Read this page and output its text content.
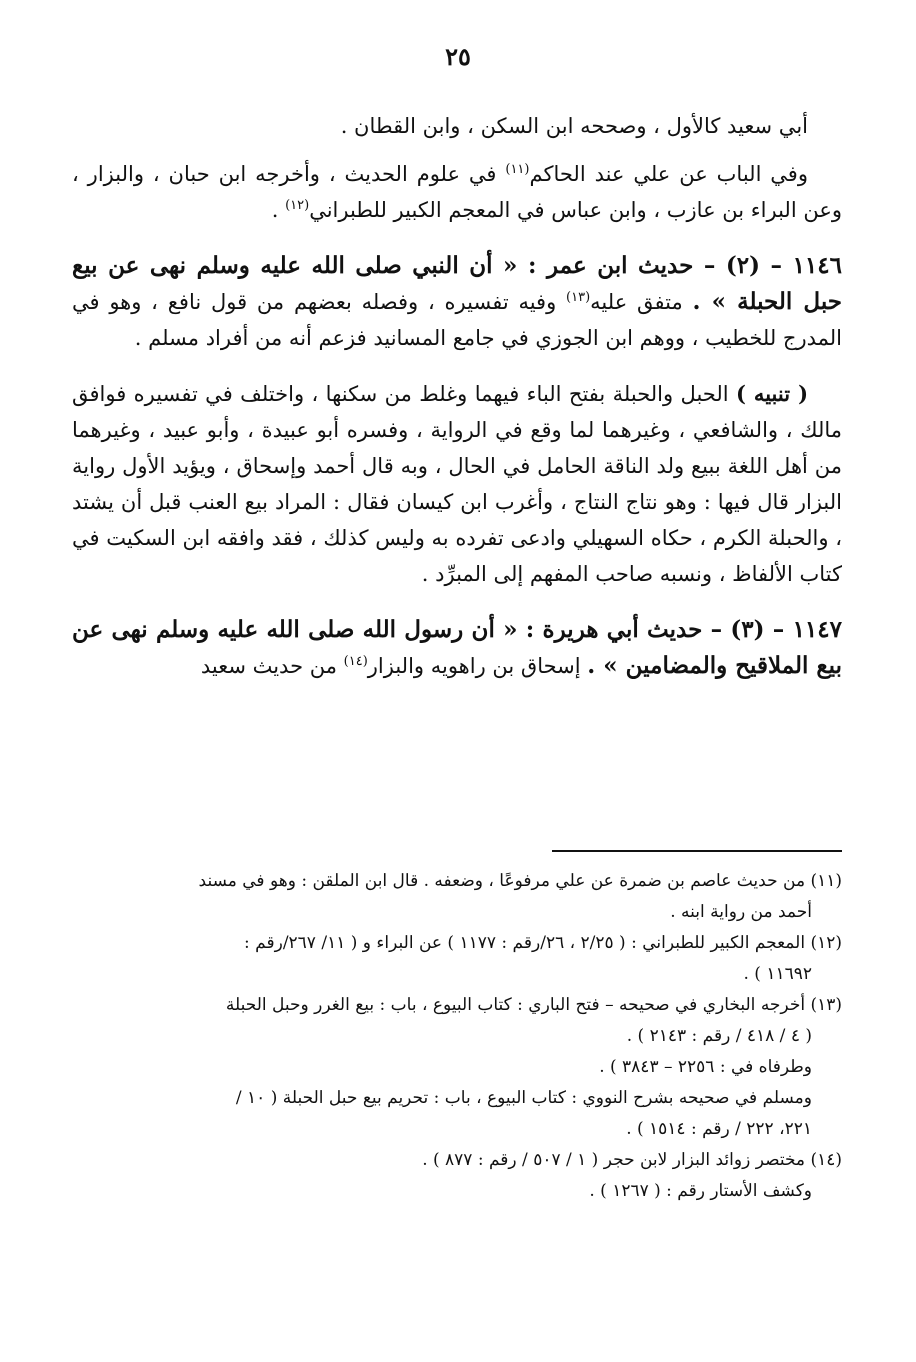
٢٥

أبي سعيد كالأول ، وصححه ابن السكن ، وابن القطان .

وفي الباب عن علي عند الحاكم$^{(١١)}$ في علوم الحديث ، وأخرجه ابن حبان ، والبزار ، وعن البراء بن عازب ، وابن عباس في المعجم الكبير للطبراني$^{(١٢)}$ .

١١٤٦ – (٢) – حديث ابن عمر : « أن النبي صلى الله عليه وسلم نهى عن بيع حبل الحبلة » . متفق عليه$^{(١٣)}$ وفيه تفسيره ، وفصله بعضهم من قول نافع ، وهو في المدرج للخطيب ، ووهم ابن الجوزي في جامع المسانيد فزعم أنه من أفراد مسلم .

( تنبيه ) الحبل والحبلة بفتح الباء فيهما وغلط من سكنها ، واختلف في تفسيره فوافق مالك ، والشافعي ، وغيرهما لما وقع في الرواية ، وفسره أبو عبيدة ، وأبو عبيد ، وغيرهما من أهل اللغة ببيع ولد الناقة الحامل في الحال ، وبه قال أحمد وإسحاق ، ويؤيد الأول رواية البزار قال فيها : وهو نتاج النتاج ، وأغرب ابن كيسان فقال : المراد بيع العنب قبل أن يشتد ، والحبلة الكرم ، حكاه السهيلي وادعى تفرده به وليس كذلك ، فقد وافقه ابن السكيت في كتاب الألفاظ ، ونسبه صاحب المفهم إلى المبرِّد .

١١٤٧ – (٣) – حديث أبي هريرة : « أن رسول الله صلى الله عليه وسلم نهى عن بيع الملاقيح والمضامين » . إسحاق بن راهويه والبزار$^{(١٤)}$ من حديث سعيد

(١١) من حديث عاصم بن ضمرة عن علي مرفوعًا ، وضعفه . قال ابن الملقن : وهو في مسند
أحمد من رواية ابنه .

(١٢) المعجم الكبير للطبراني : ( ٢/٢٥ ، ٢٦/رقم : ١١٧٧ ) عن البراء و ( ١١/ ٢٦٧/رقم :
١١٦٩٢ ) .

(١٣) أخرجه البخاري في صحيحه – فتح الباري : كتاب البيوع ، باب : بيع الغرر وحبل الحبلة
( ٤ / ٤١٨ / رقم : ٢١٤٣ ) .

وطرفاه في : ٢٢٥٦ – ٣٨٤٣ ) .

ومسلم في صحيحه بشرح النووي : كتاب البيوع ، باب : تحريم بيع حبل الحبلة ( ١٠ /

٢٢١، ٢٢٢ / رقم : ١٥١٤ ) .

(١٤) مختصر زوائد البزار لابن حجر ( ١ / ٥٠٧ / رقم : ٨٧٧ ) .

وكشف الأستار رقم : ( ١٢٦٧ ) .
